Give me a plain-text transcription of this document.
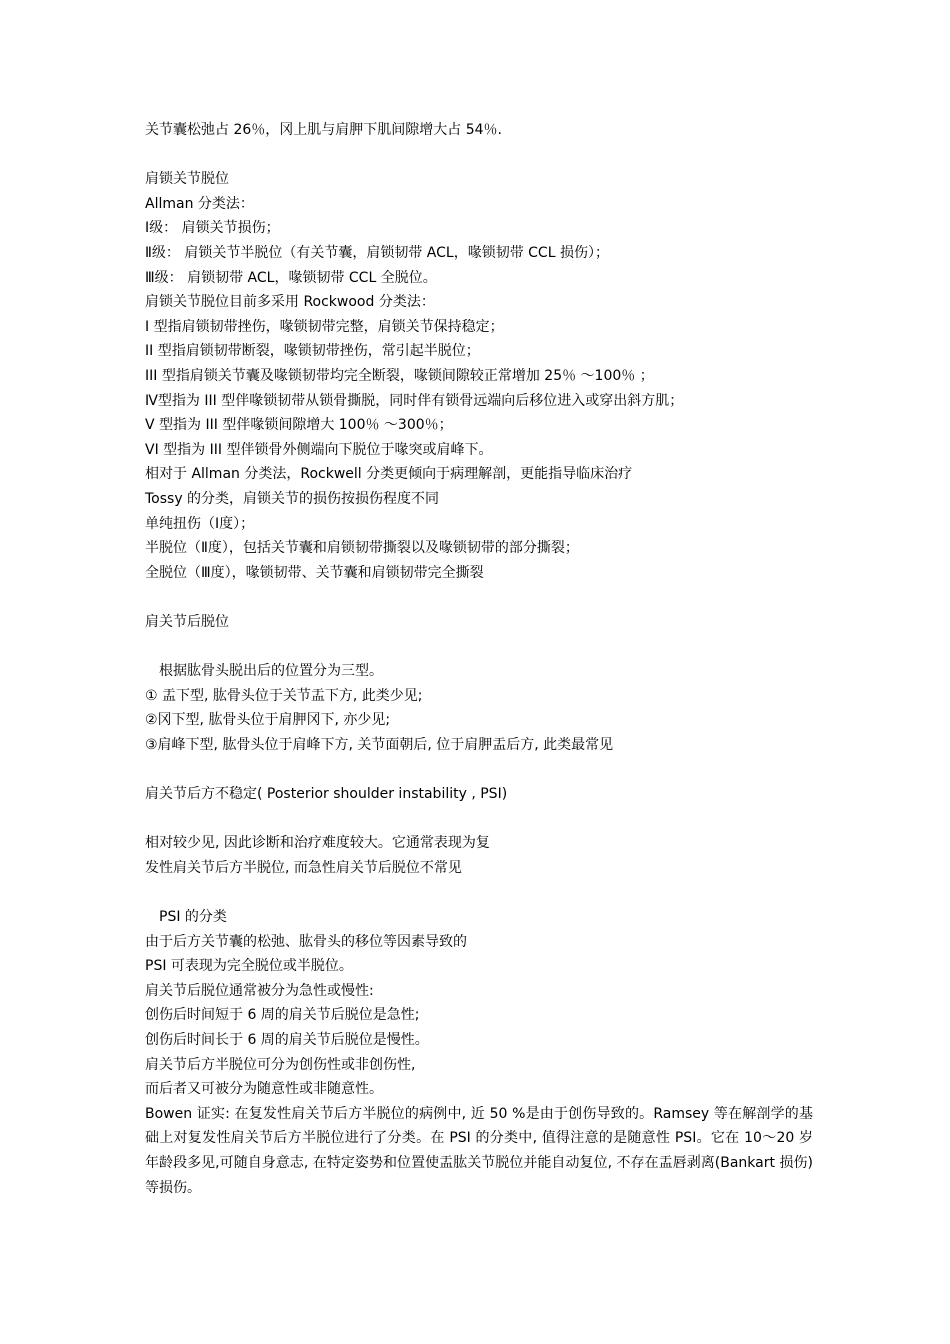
关节囊松弛占 26％，冈上肌与肩胛下肌间隙增大占 54％.
肩锁关节脱位
Allman 分类法：
Ⅰ级： 肩锁关节损伤；
Ⅱ级： 肩锁关节半脱位（有关节囊，肩锁韧带 ACL，喙锁韧带 CCL 损伤）；
Ⅲ级： 肩锁韧带 ACL，喙锁韧带 CCL 全脱位。
肩锁关节脱位目前多采用 Rockwood 分类法：
I 型指肩锁韧带挫伤，喙锁韧带完整，肩锁关节保持稳定；
II 型指肩锁韧带断裂，喙锁韧带挫伤，常引起半脱位；
III 型指肩锁关节囊及喙锁韧带均完全断裂，喙锁间隙较正常增加 25％ ～100％ ；
Ⅳ型指为 III 型伴喙锁韧带从锁骨撕脱，同时伴有锁骨远端向后移位进入或穿出斜方肌；
V 型指为 III 型伴喙锁间隙增大 100％ ～300％；
VI 型指为 III 型伴锁骨外侧端向下脱位于喙突或肩峰下。
相对于 Allman 分类法，Rockwell 分类更倾向于病理解剖，更能指导临床治疗
Tossy 的分类，肩锁关节的损伤按损伤程度不同
单纯扭伤（Ⅰ度）；
半脱位（Ⅱ度），包括关节囊和肩锁韧带撕裂以及喙锁韧带的部分撕裂；
全脱位（Ⅲ度），喙锁韧带、关节囊和肩锁韧带完全撕裂
肩关节后脱位
根据肱骨头脱出后的位置分为三型。
① 盂下型, 肱骨头位于关节盂下方, 此类少见;
②冈下型, 肱骨头位于肩胛冈下, 亦少见;
③肩峰下型, 肱骨头位于肩峰下方, 关节面朝后, 位于肩胛盂后方, 此类最常见
肩关节后方不稳定( Posterior shoulder instability , PSI)
相对较少见, 因此诊断和治疗难度较大。它通常表现为复
发性肩关节后方半脱位, 而急性肩关节后脱位不常见
PSI 的分类
由于后方关节囊的松弛、肱骨头的移位等因素导致的
PSI 可表现为完全脱位或半脱位。
肩关节后脱位通常被分为急性或慢性:
创伤后时间短于 6 周的肩关节后脱位是急性;
创伤后时间长于 6 周的肩关节后脱位是慢性。
肩关节后方半脱位可分为创伤性或非创伤性,
而后者又可被分为随意性或非随意性。
Bowen 证实: 在复发性肩关节后方半脱位的病例中, 近 50 %是由于创伤导致的。Ramsey 等在解剖学的基础上对复发性肩关节后方半脱位进行了分类。在 PSI 的分类中, 值得注意的是随意性 PSI。它在 10～20 岁年龄段多见,可随自身意志, 在特定姿势和位置使盂肱关节脱位并能自动复位, 不存在盂唇剥离(Bankart 损伤) 等损伤。
